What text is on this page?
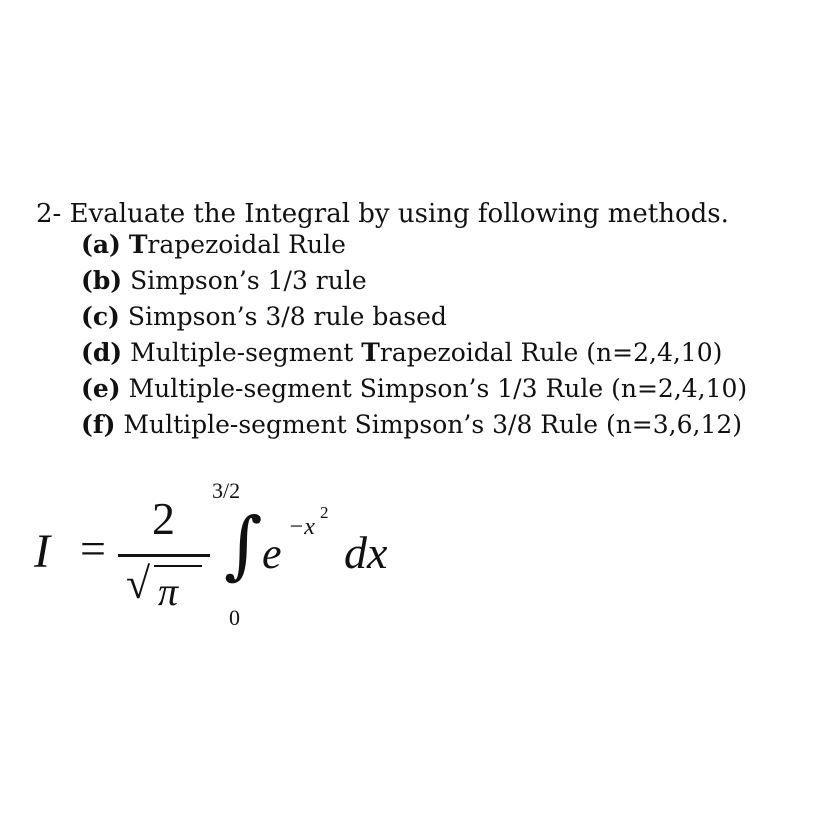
2- Evaluate the Integral by using following methods.
(a) Trapezoidal Rule
(b) Simpson’s 1/3 rule
(c) Simpson’s 3/8 rule based
(d) Multiple-segment Trapezoidal Rule (n=2,4,10)
(e) Multiple-segment Simpson’s 1/3 Rule (n=2,4,10)
(f) Multiple-segment Simpson’s 3/8 Rule (n=3,6,12)
I =
2
√ π
3/2
∫
0
e
−x
2
dx
